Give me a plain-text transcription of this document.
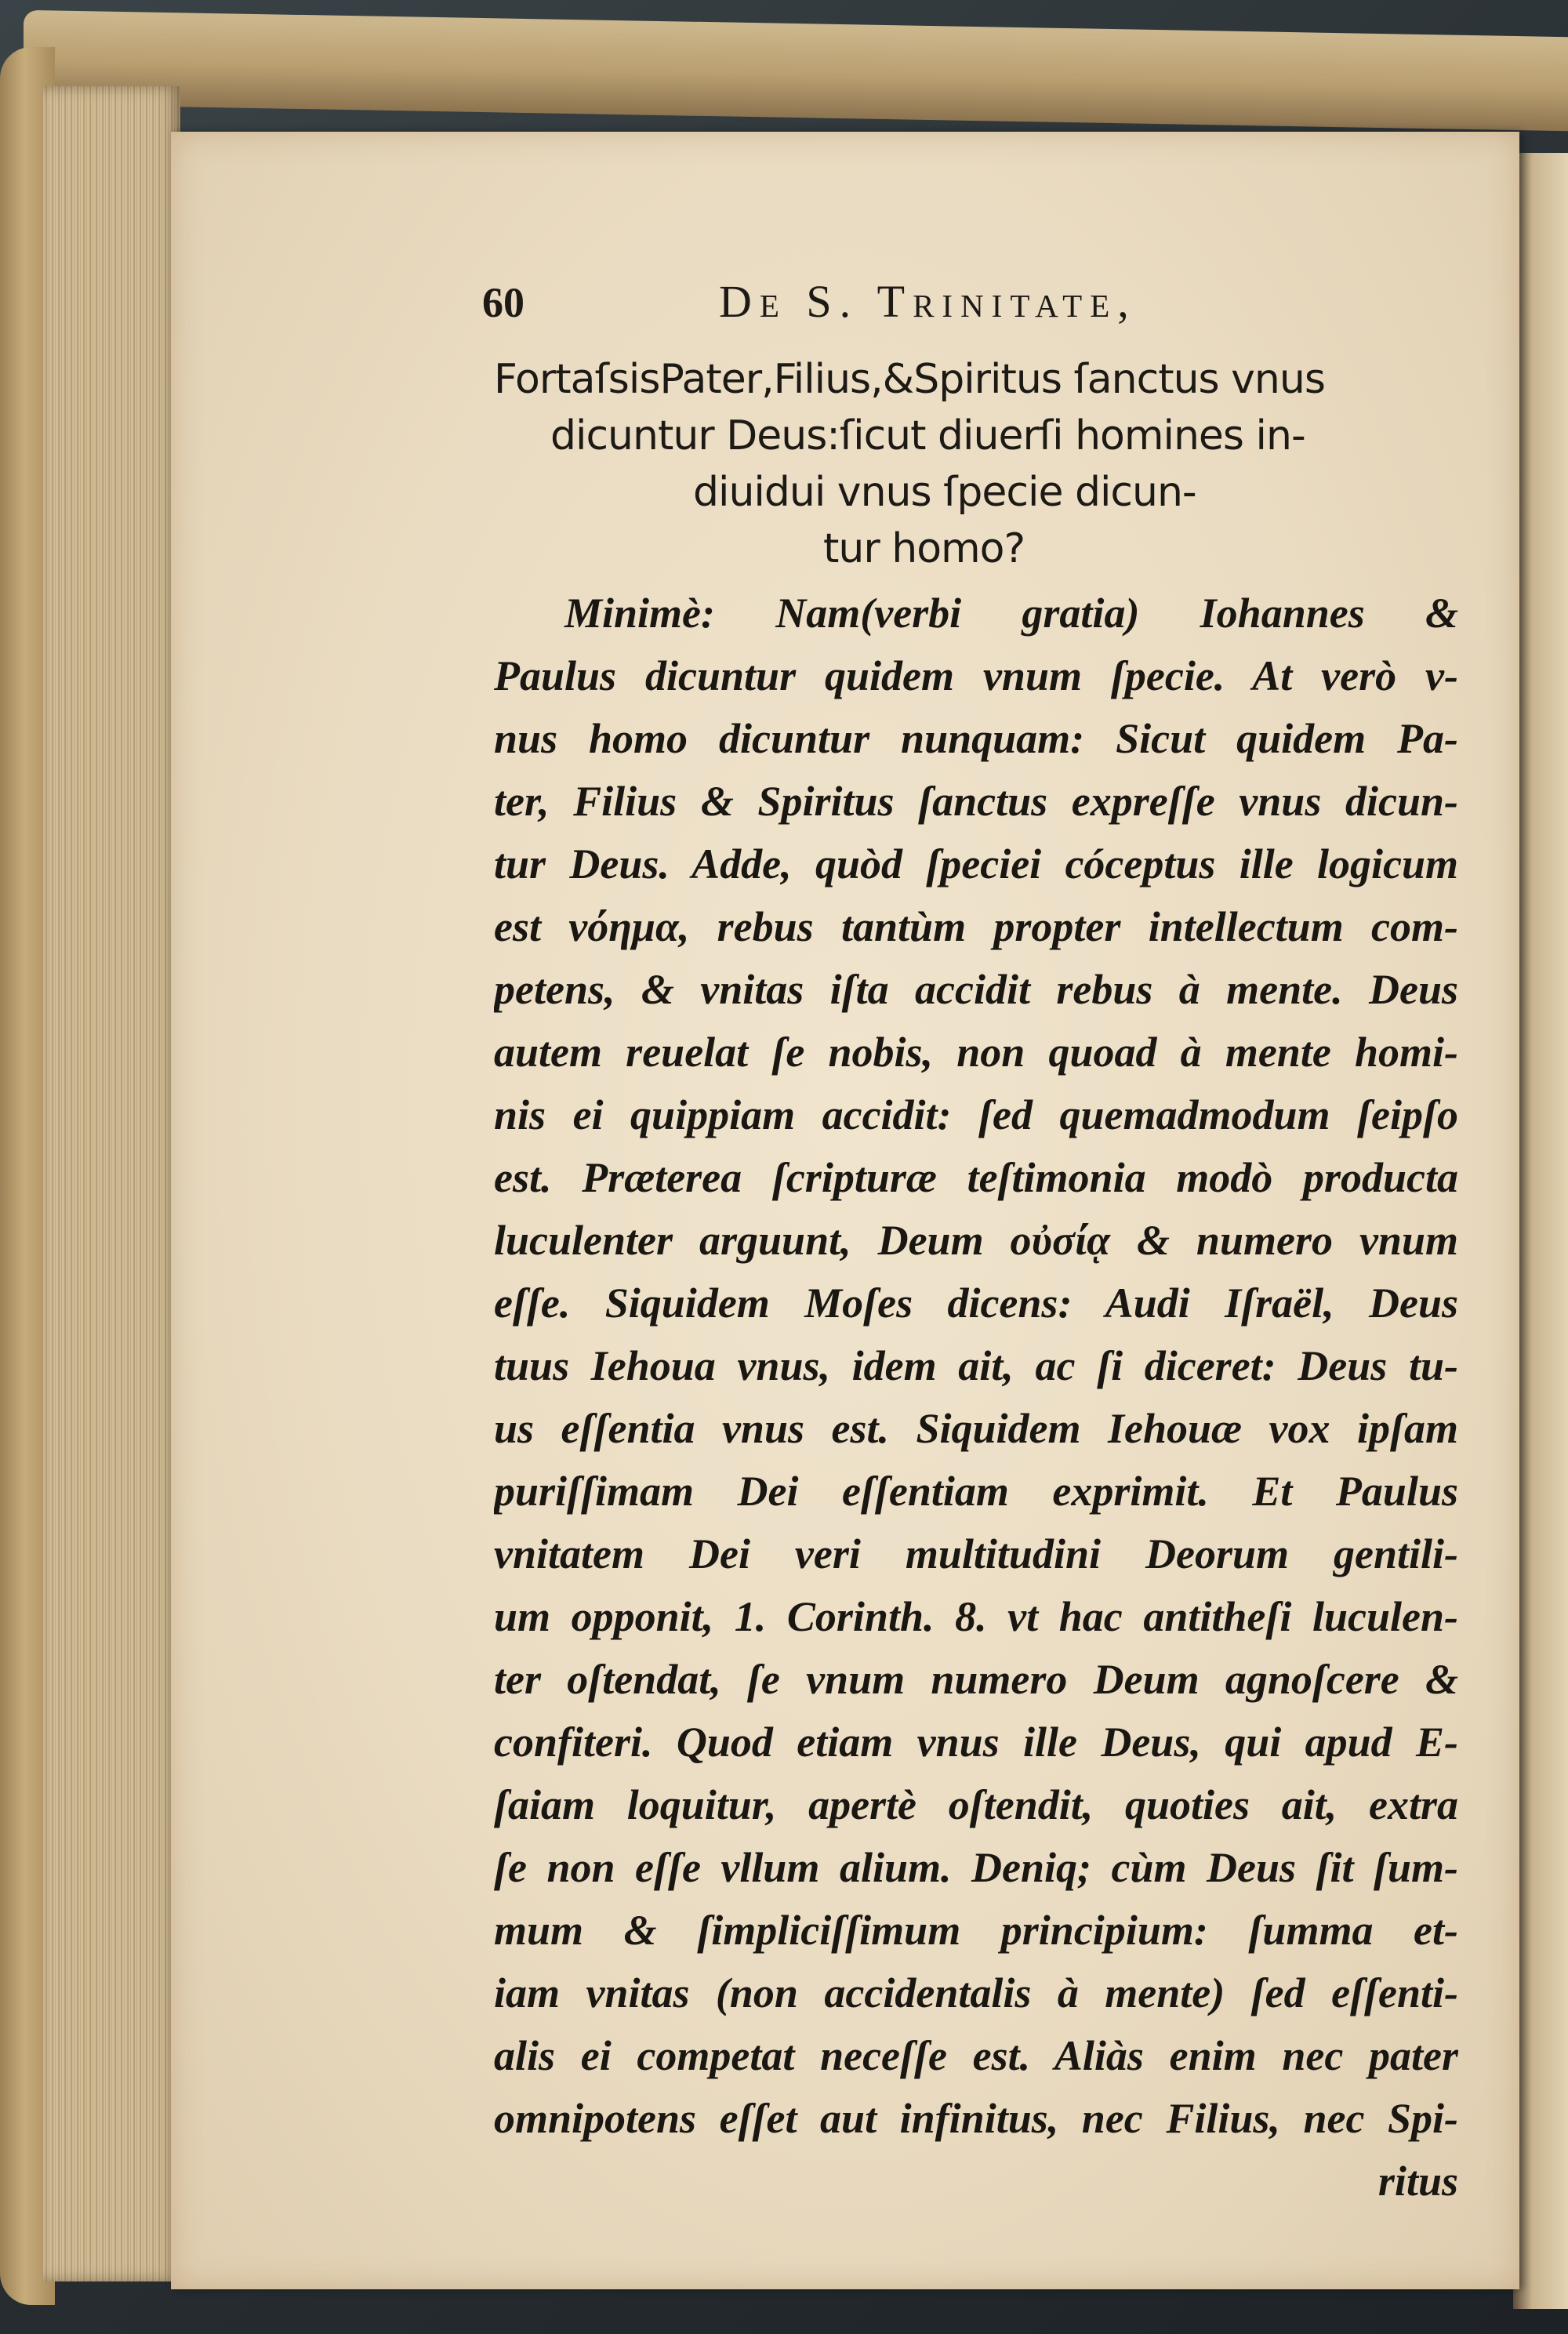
60	De S. Trinitate,
FortaſsisPater,Filius,&Spiritus ſanctus vnus
dicuntur Deus:ſicut diuerſi homines in-
diuidui vnus ſpecie dicun-
tur homo?
Minimè: Nam(verbi gratia) Iohannes &
Paulus dicuntur quidem vnum ſpecie. At verò v-
nus homo dicuntur nunquam: Sicut quidem Pa-
ter, Filius & Spiritus ſanctus expreſſe vnus dicun-
tur Deus. Adde, quòd ſpeciei cóceptus ille logicum
est νόημα, rebus tantùm propter intellectum com-
petens, & vnitas iſta accidit rebus à mente. Deus
autem reuelat ſe nobis, non quoad à mente homi-
nis ei quippiam accidit: ſed quemadmodum ſeipſo
est. Præterea ſcripturæ teſtimonia modò producta
luculenter arguunt, Deum οὐσίᾳ & numero vnum
eſſe. Siquidem Moſes dicens: Audi Iſraël, Deus
tuus Iehoua vnus, idem ait, ac ſi diceret: Deus tu-
us eſſentia vnus est. Siquidem Iehouæ vox ipſam
puriſſimam Dei eſſentiam exprimit. Et Paulus
vnitatem Dei veri multitudini Deorum gentili-
um opponit, 1. Corinth. 8. vt hac antitheſi luculen-
ter oſtendat, ſe vnum numero Deum agnoſcere &
confiteri. Quod etiam vnus ille Deus, qui apud E-
ſaiam loquitur, apertè oſtendit, quoties ait, extra
ſe non eſſe vllum alium. Deniq; cùm Deus ſit ſum-
mum & ſimpliciſſimum principium: ſumma et-
iam vnitas (non accidentalis à mente) ſed eſſenti-
alis ei competat neceſſe est. Aliàs enim nec pater
omnipotens eſſet aut infinitus, nec Filius, nec Spi-
ritus
